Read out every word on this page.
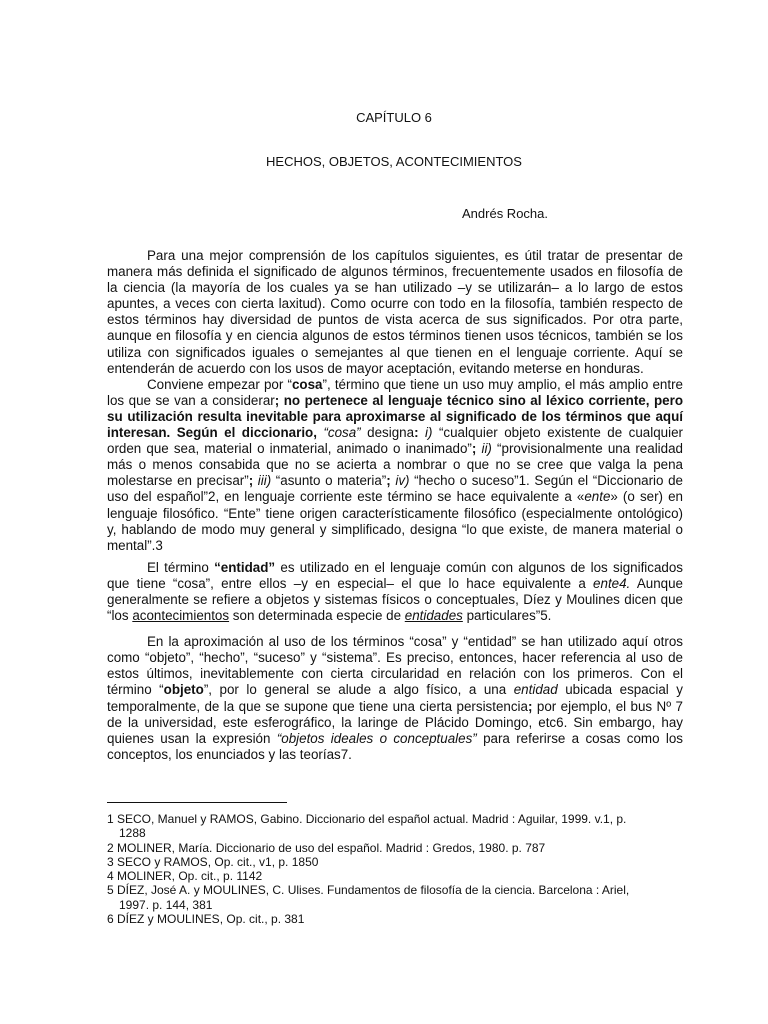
CAPÍTULO 6
HECHOS, OBJETOS, ACONTECIMIENTOS
Andrés Rocha.

Para una mejor comprensión de los capítulos siguientes, es útil tratar de presentar de manera más definida el significado de algunos términos, frecuentemente usados en filosofía de la ciencia (la mayoría de los cuales ya se han utilizado –y se utilizarán– a lo largo de estos apuntes, a veces con cierta laxitud). Como ocurre con todo en la filosofía, también respecto de estos términos hay diversidad de puntos de vista acerca de sus significados. Por otra parte, aunque en filosofía y en ciencia algunos de estos términos tienen usos técnicos, también se los utiliza con significados iguales o semejantes al que tienen en el lenguaje corriente. Aquí se entenderán de acuerdo con los usos de mayor aceptación, evitando meterse en honduras.

Conviene empezar por “cosa”, término que tiene un uso muy amplio, el más amplio entre los que se van a considerar; no pertenece al lenguaje técnico sino al léxico corriente, pero su utilización resulta inevitable para aproximarse al significado de los términos que aquí interesan. Según el diccionario, “cosa” designa: i) “cualquier objeto existente de cualquier orden que sea, material o inmaterial, animado o inanimado”; ii) “provisionalmente una realidad más o menos consabida que no se acierta a nombrar o que no se cree que valga la pena molestarse en precisar”; iii) “asunto o materia”; iv) “hecho o suceso”1. Según el “Diccionario de uso del español”2, en lenguaje corriente este término se hace equivalente a «ente» (o ser) en lenguaje filosófico. “Ente” tiene origen característicamente filosófico (especialmente ontológico) y, hablando de modo muy general y simplificado, designa “lo que existe, de manera material o mental”.3

El término “entidad” es utilizado en el lenguaje común con algunos de los significados que tiene “cosa”, entre ellos –y en especial– el que lo hace equivalente a ente4. Aunque generalmente se refiere a objetos y sistemas físicos o conceptuales, Díez y Moulines dicen que “los acontecimientos son determinada especie de entidades particulares”5.

En la aproximación al uso de los términos “cosa” y “entidad” se han utilizado aquí otros como “objeto”, “hecho”, “suceso” y “sistema”. Es preciso, entonces, hacer referencia al uso de estos últimos, inevitablemente con cierta circularidad en relación con los primeros. Con el término “objeto”, por lo general se alude a algo físico, a una entidad ubicada espacial y temporalmente, de la que se supone que tiene una cierta persistencia; por ejemplo, el bus Nº 7 de la universidad, este esferográfico, la laringe de Plácido Domingo, etc6. Sin embargo, hay quienes usan la expresión “objetos ideales o conceptuales” para referirse a cosas como los conceptos, los enunciados y las teorías7.

1 SECO, Manuel y RAMOS, Gabino. Diccionario del español actual. Madrid : Aguilar, 1999. v.1, p.
1288

2 MOLINER, María. Diccionario de uso del español. Madrid : Gredos, 1980. p. 787

3 SECO y RAMOS, Op. cit., v1, p. 1850

4 MOLINER, Op. cit., p. 1142

5 DÍEZ, José A. y MOULINES, C. Ulises. Fundamentos de filosofía de la ciencia. Barcelona : Ariel,
1997. p. 144, 381

6 DÍEZ y MOULINES, Op. cit., p. 381
